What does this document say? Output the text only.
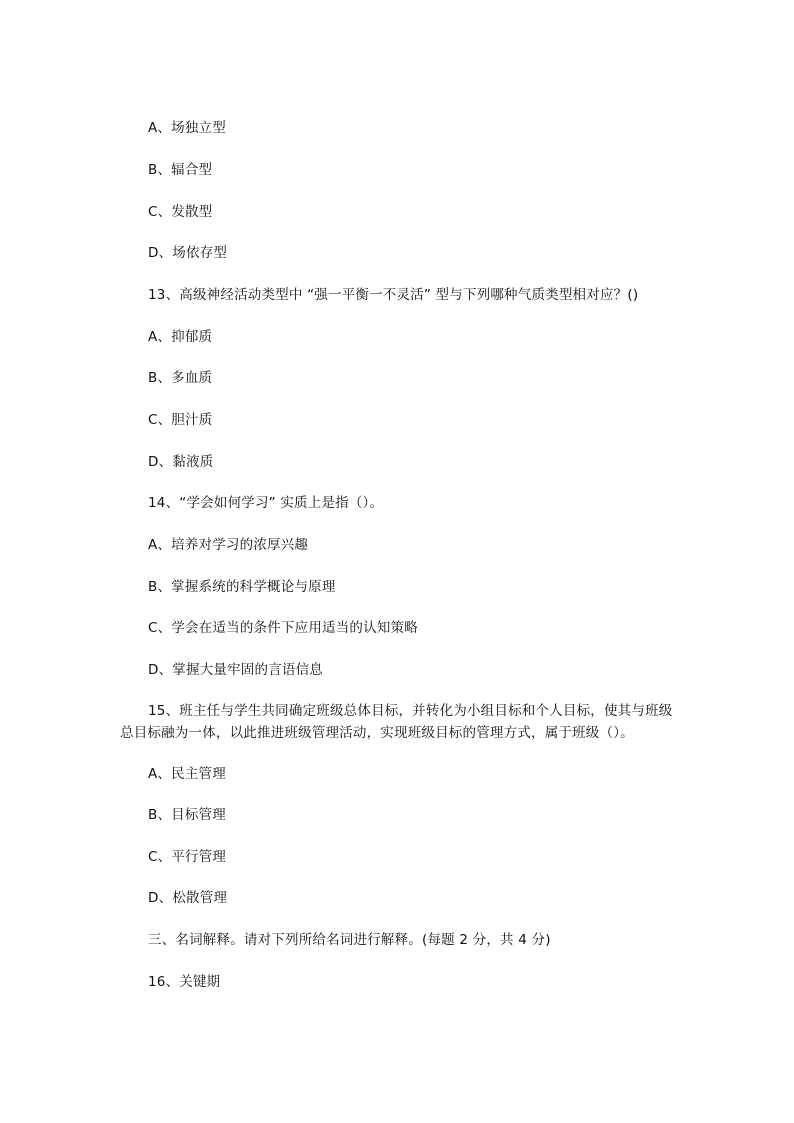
A、场独立型
B、辐合型
C、发散型
D、场依存型
13、高级神经活动类型中 “强一平衡一不灵活” 型与下列哪种气质类型相对应？()
A、抑郁质
B、多血质
C、胆汁质
D、黏液质
14、“学会如何学习” 实质上是指（）。
A、培养对学习的浓厚兴趣
B、掌握系统的科学概论与原理
C、学会在适当的条件下应用适当的认知策略
D、掌握大量牢固的言语信息
15、班主任与学生共同确定班级总体目标，并转化为小组目标和个人目标，使其与班级总目标融为一体，以此推进班级管理活动，实现班级目标的管理方式，属于班级（）。
A、民主管理
B、目标管理
C、平行管理
D、松散管理
三、名词解释。请对下列所给名词进行解释。(每题 2 分，共 4 分)
16、关键期
